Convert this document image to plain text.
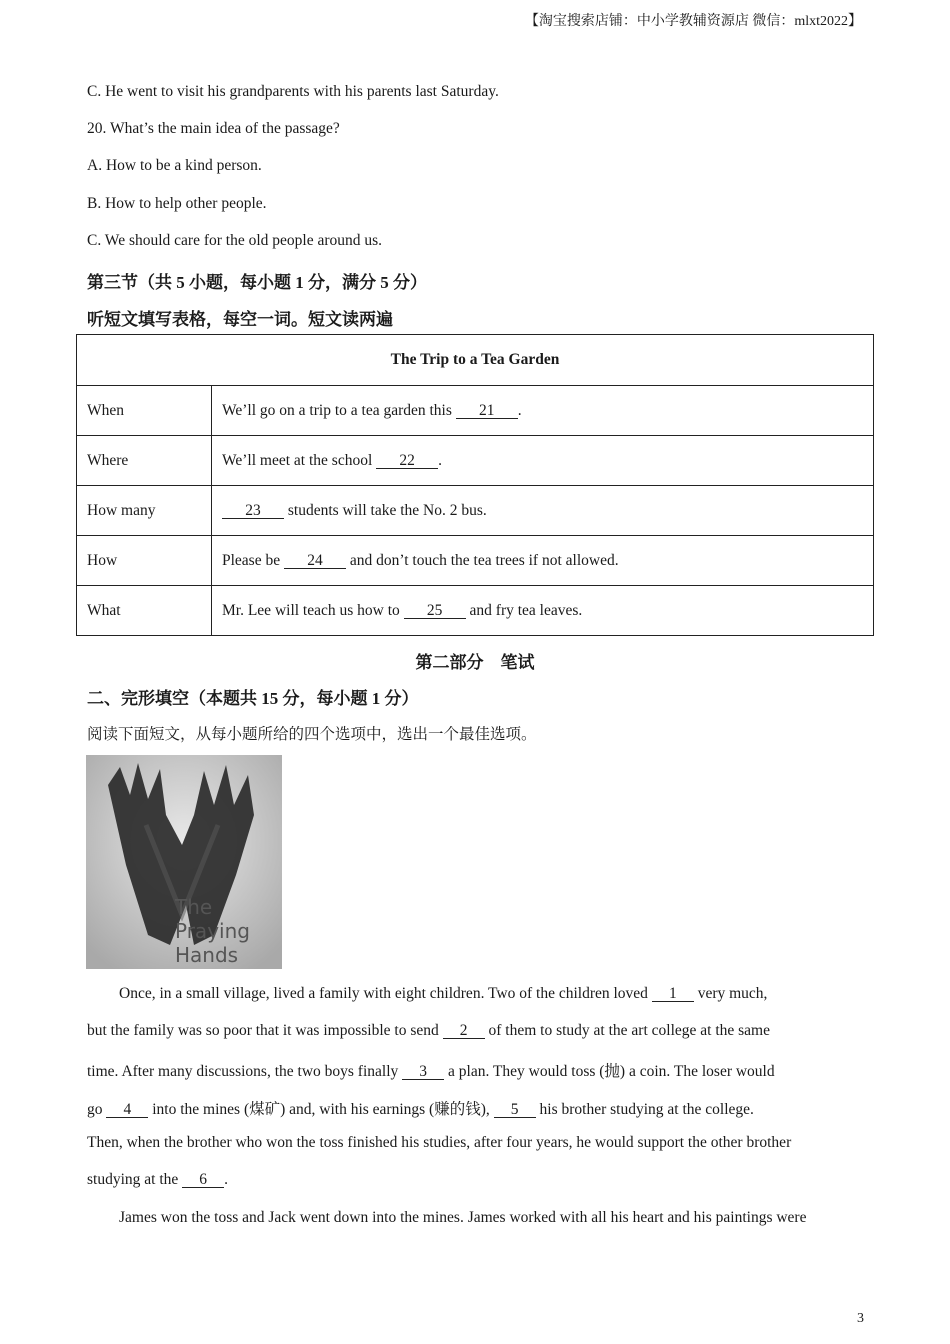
【淘宝搜索店铺：中小学教辅资源店 微信：mlxt2022】
C. He went to visit his grandparents with his parents last Saturday.
20. What’s the main idea of the passage?
A. How to be a kind person.
B. How to help other people.
C. We should care for the old people around us.
第三节（共 5 小题，每小题 1 分，满分 5 分）
听短文填写表格，每空一词。短文读两遍
The Trip to a Tea Garden	
When	We’ll go on a trip to a tea garden this 21 .
Where	We’ll meet at the school 22 .
How many	23 students will take the No. 2 bus.
How	Please be 24 and don’t touch the tea trees if not allowed.
What	Mr. Lee will teach us how to 25 and fry tea leaves.
第二部分　笔试
二、完形填空（本题共 15 分，每小题 1 分）
阅读下面短文，从每小题所给的四个选项中，选出一个最佳选项。
The Praying Hands
Once, in a small village, lived a family with eight children. Two of the children loved 1 very much,
but the family was so poor that it was impossible to send 2 of them to study at the art college at the same
time. After many discussions, the two boys finally 3 a plan. They would toss (抛) a coin. The loser would
go 4 into the mines (煤矿) and, with his earnings (赚的钱), 5 his brother studying at the college.
Then, when the brother who won the toss finished his studies, after four years, he would support the other brother
studying at the 6 .
James won the toss and Jack went down into the mines. James worked with all his heart and his paintings were
3
